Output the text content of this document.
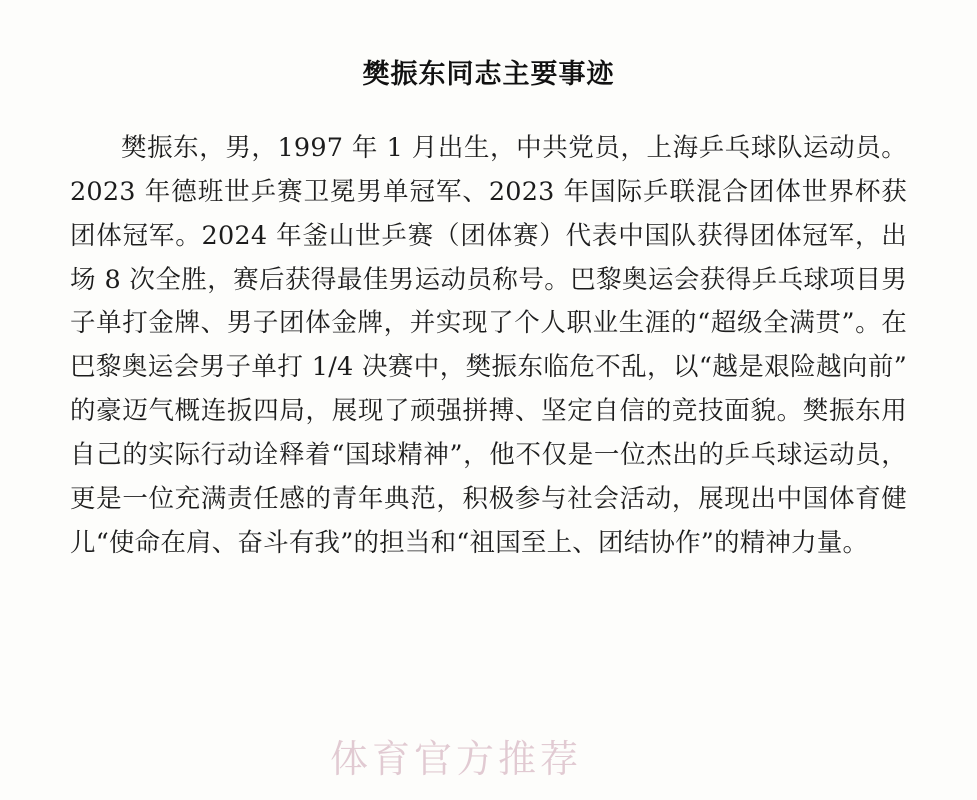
樊振东同志主要事迹

樊振东，男，1997 年 1 月出生，中共党员，上海乒乓球队运动员。2023 年德班世乒赛卫冕男单冠军、2023 年国际乒联混合团体世界杯获团体冠军。2024 年釜山世乒赛（团体赛）代表中国队获得团体冠军，出场 8 次全胜，赛后获得最佳男运动员称号。巴黎奥运会获得乒乓球项目男子单打金牌、男子团体金牌，并实现了个人职业生涯的“超级全满贯”。在巴黎奥运会男子单打 1/4 决赛中，樊振东临危不乱，以“越是艰险越向前”的豪迈气概连扳四局，展现了顽强拼搏、坚定自信的竞技面貌。樊振东用自己的实际行动诠释着“国球精神”，他不仅是一位杰出的乒乓球运动员，更是一位充满责任感的青年典范，积极参与社会活动，展现出中国体育健儿“使命在肩、奋斗有我”的担当和“祖国至上、团结协作”的精神力量。

体育官方推荐
